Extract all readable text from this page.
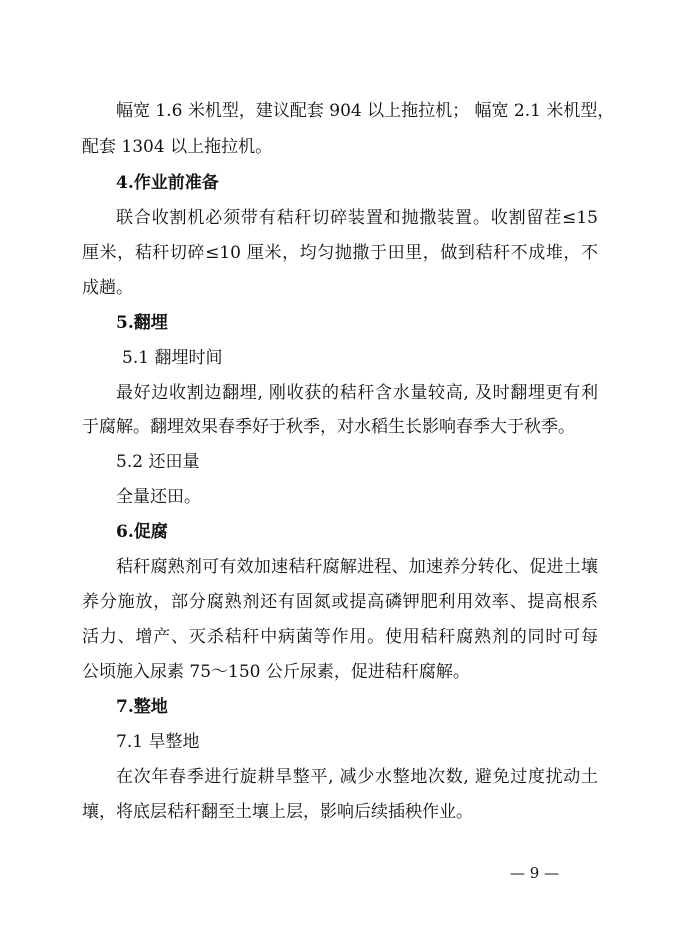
幅宽 1.6 米机型，建议配套 904 以上拖拉机； 幅宽 2.1 米机型，
配套 1304 以上拖拉机。
4.作业前准备
联合收割机必须带有秸秆切碎装置和抛撒装置。收割留茬≤15
厘米，秸秆切碎≤10 厘米，均匀抛撒于田里，做到秸秆不成堆，不
成趟。
5.翻埋
5.1 翻埋时间
最好边收割边翻埋, 刚收获的秸秆含水量较高, 及时翻埋更有利
于腐解。翻埋效果春季好于秋季，对水稻生长影响春季大于秋季。
5.2 还田量
全量还田。
6.促腐
秸秆腐熟剂可有效加速秸秆腐解进程、加速养分转化、促进土壤
养分施放，部分腐熟剂还有固氮或提高磷钾肥利用效率、提高根系
活力、增产、灭杀秸秆中病菌等作用。使用秸秆腐熟剂的同时可每
公顷施入尿素 75～150 公斤尿素，促进秸秆腐解。
7.整地
7.1 旱整地
在次年春季进行旋耕旱整平, 减少水整地次数, 避免过度扰动土
壤，将底层秸秆翻至土壤上层，影响后续插秧作业。
— 9 —
